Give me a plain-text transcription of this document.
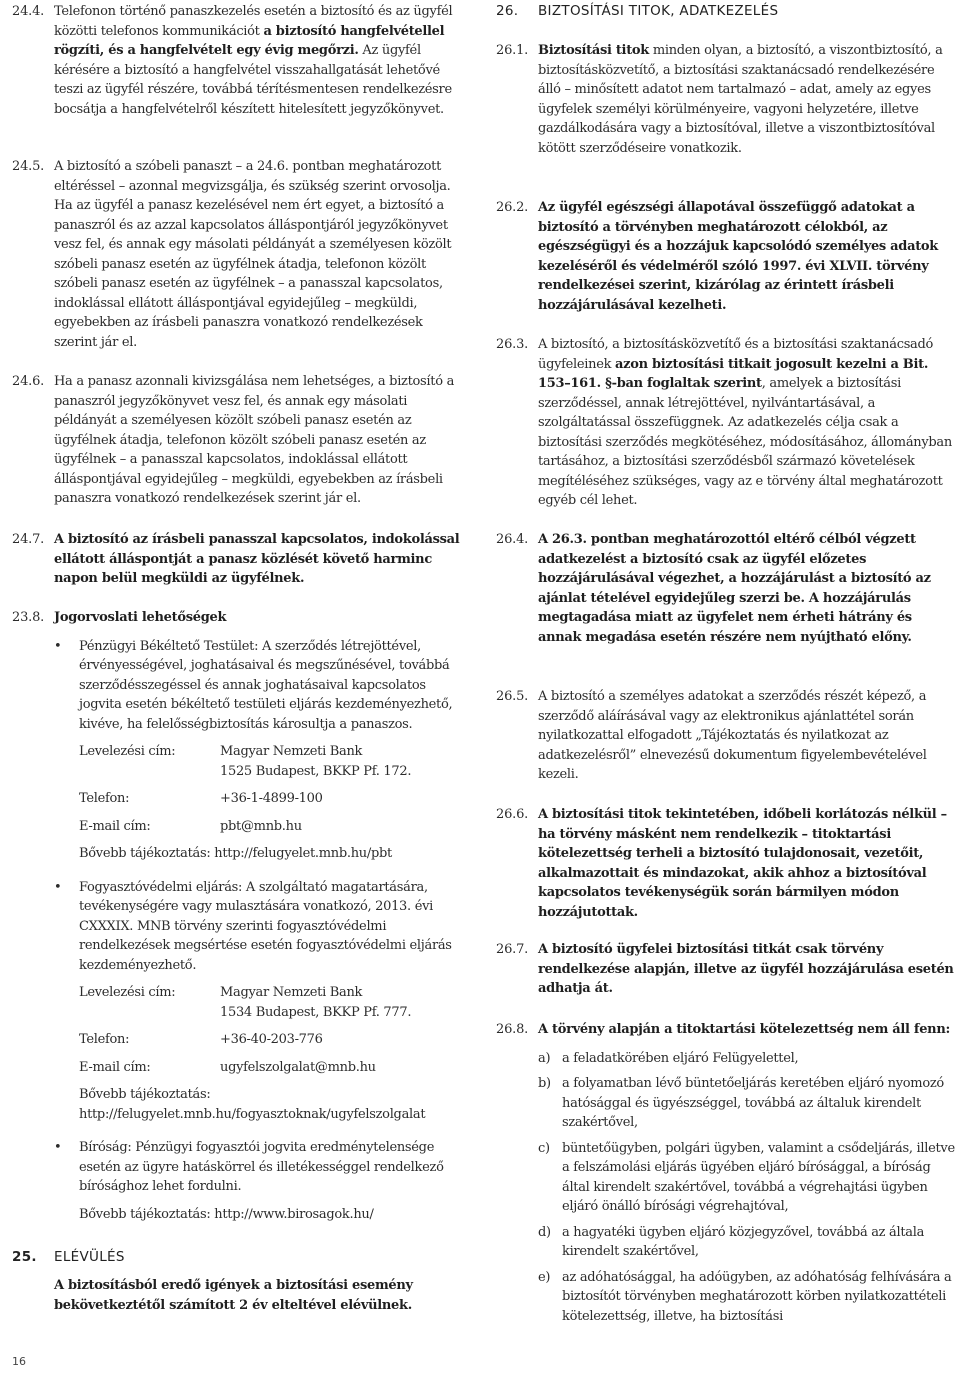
24.4. Telefonon történő panaszkezelés esetén a biztosító és az ügyfél közötti telefonos kommunikációt a biztosító hangfelvétellel rögzíti, és a hangfelvételt egy évig megőrzi. Az ügyfél kérésére a biztosító a hangfelvétel visszahallgatását lehetővé teszi az ügyfél részére, továbbá térítésmentesen rendelkezésre bocsátja a hangfelvételről készített hitelesített jegyzőkönyvet.
24.5. A biztosító a szóbeli panaszt – a 24.6. pontban meghatározott eltéréssel – azonnal megvizsgálja, és szükség szerint orvosolja. Ha az ügyfél a panasz kezelésével nem ért egyet, a biztosító a panaszról és az azzal kapcsolatos álláspontjáról jegyzőkönyvet vesz fel, és annak egy másolati példányát a személyesen közölt szóbeli panasz esetén az ügyfélnek átadja, telefonon közölt szóbeli panasz esetén az ügyfélnek – a panasszal kapcsolatos, indoklással ellátott álláspontjával egyidejűleg – megküldi, egyebekben az írásbeli panaszra vonatkozó rendelkezések szerint jár el.
24.6. Ha a panasz azonnali kivizsgálása nem lehetséges, a biztosító a panaszról jegyzőkönyvet vesz fel, és annak egy másolati példányát a személyesen közölt szóbeli panasz esetén az ügyfélnek átadja, telefonon közölt szóbeli panasz esetén az ügyfélnek – a panasszal kapcsolatos, indoklással ellátott álláspontjával egyidejűleg – megküldi, egyebekben az írásbeli panaszra vonatkozó rendelkezések szerint jár el.
24.7. A biztosító az írásbeli panasszal kapcsolatos, indokolással ellátott álláspontját a panasz közlését követő harminc napon belül megküldi az ügyfélnek.
23.8. Jogorvoslati lehetőségek
•	Pénzügyi Békéltető Testület: A szerződés létrejöttével, érvényességével, joghatásaival és megszűnésével, továbbá szerződésszegéssel és annak joghatásaival kapcsolatos jogvita esetén békéltető testületi eljárás kezdeményezhető, kivéve, ha felelősségbiztosítás károsultja a panaszos.
Levelezési cím:	Magyar Nemzeti Bank
1525 Budapest, BKKP Pf. 172.
Telefon:	+36-1-4899-100
E-mail cím:	pbt@mnb.hu
Bővebb tájékoztatás: http://felugyelet.mnb.hu/pbt
•	Fogyasztóvédelmi eljárás: A szolgáltató magatartására, tevékenységére vagy mulasztására vonatkozó, 2013. évi CXXXIX. MNB törvény szerinti fogyasztóvédelmi rendelkezések megsértése esetén fogyasztóvédelmi eljárás kezdeményezhető.
Levelezési cím:	Magyar Nemzeti Bank
1534 Budapest, BKKP Pf. 777.
Telefon:	+36-40-203-776
E-mail cím:	ugyfelszolgalat@mnb.hu
Bővebb tájékoztatás:
http://felugyelet.mnb.hu/fogyasztoknak/ugyfelszolgalat
•	Bíróság: Pénzügyi fogyasztói jogvita eredménytelensége esetén az ügyre hatáskörrel és illetékességgel rendelkező bírósághoz lehet fordulni.
Bővebb tájékoztatás: http://www.birosagok.hu/
25.	ELÉVÜLÉS
A biztosításból eredő igények a biztosítási esemény bekövetkeztétől számított 2 év elteltével elévülnek.
26.	BIZTOSÍTÁSI TITOK, ADATKEZELÉS
26.1. Biztosítási titok minden olyan, a biztosító, a viszontbiztosító, a biztosításközvetítő, a biztosítási szaktanácsadó rendelkezésére álló – minősített adatot nem tartalmazó – adat, amely az egyes ügyfelek személyi körülményeire, vagyoni helyzetére, illetve gazdálkodására vagy a biztosítóval, illetve a viszontbiztosítóval kötött szerződéseire vonatkozik.
26.2. Az ügyfél egészségi állapotával összefüggő adatokat a biztosító a törvényben meghatározott célokból, az egészségügyi és a hozzájuk kapcsolódó személyes adatok kezeléséről és védelméről szóló 1997. évi XLVII. törvény rendelkezései szerint, kizárólag az érintett írásbeli hozzájárulásával kezelheti.
26.3. A biztosító, a biztosításközvetítő és a biztosítási szaktanácsadó ügyfeleinek azon biztosítási titkait jogosult kezelni a Bit. 153–161. §-ban foglaltak szerint, amelyek a biztosítási szerződéssel, annak létrejöttével, nyilvántartásával, a szolgáltatással összefüggnek. Az adatkezelés célja csak a biztosítási szerződés megkötéséhez, módosításához, állományban tartásához, a biztosítási szerződésből származó követelések megítéléséhez szükséges, vagy az e törvény által meghatározott egyéb cél lehet.
26.4. A 26.3. pontban meghatározottól eltérő célból végzett adatkezelést a biztosító csak az ügyfél előzetes hozzájárulásával végezhet, a hozzájárulást a biztosító az ajánlat tételével egyidejűleg szerzi be. A hozzájárulás megtagadása miatt az ügyfelet nem érheti hátrány és annak megadása esetén részére nem nyújtható előny.
26.5. A biztosító a személyes adatokat a szerződés részét képező, a szerződő aláírásával vagy az elektronikus ajánlattétel során nyilatkozattal elfogadott „Tájékoztatás és nyilatkozat az adatkezelésről” elnevezésű dokumentum figyelembevételével kezeli.
26.6. A biztosítási titok tekintetében, időbeli korlátozás nélkül – ha törvény másként nem rendelkezik – titoktartási kötelezettség terheli a biztosító tulajdonosait, vezetőit, alkalmazottait és mindazokat, akik ahhoz a biztosítóval kapcsolatos tevékenységük során bármilyen módon hozzájutottak.
26.7. A biztosító ügyfelei biztosítási titkát csak törvény rendelkezése alapján, illetve az ügyfél hozzájárulása esetén adhatja át.
26.8. A törvény alapján a titoktartási kötelezettség nem áll fenn:
a) a feladatkörében eljáró Felügyelettel,
b) a folyamatban lévő büntetőeljárás keretében eljáró nyomozó hatósággal és ügyészséggel, továbbá az általuk kirendelt szakértővel,
c) büntetőügyben, polgári ügyben, valamint a csődeljárás, illetve a felszámolási eljárás ügyében eljáró bírósággal, a bíróság által kirendelt szakértővel, továbbá a végrehajtási ügyben eljáró önálló bírósági végrehajtóval,
d) a hagyatéki ügyben eljáró közjegyzővel, továbbá az általa kirendelt szakértővel,
e) az adóhatósággal, ha adóügyben, az adóhatóság felhívására a biztosítót törvényben meghatározott körben nyilatkozattételi kötelezettség, illetve, ha biztosítási
16
